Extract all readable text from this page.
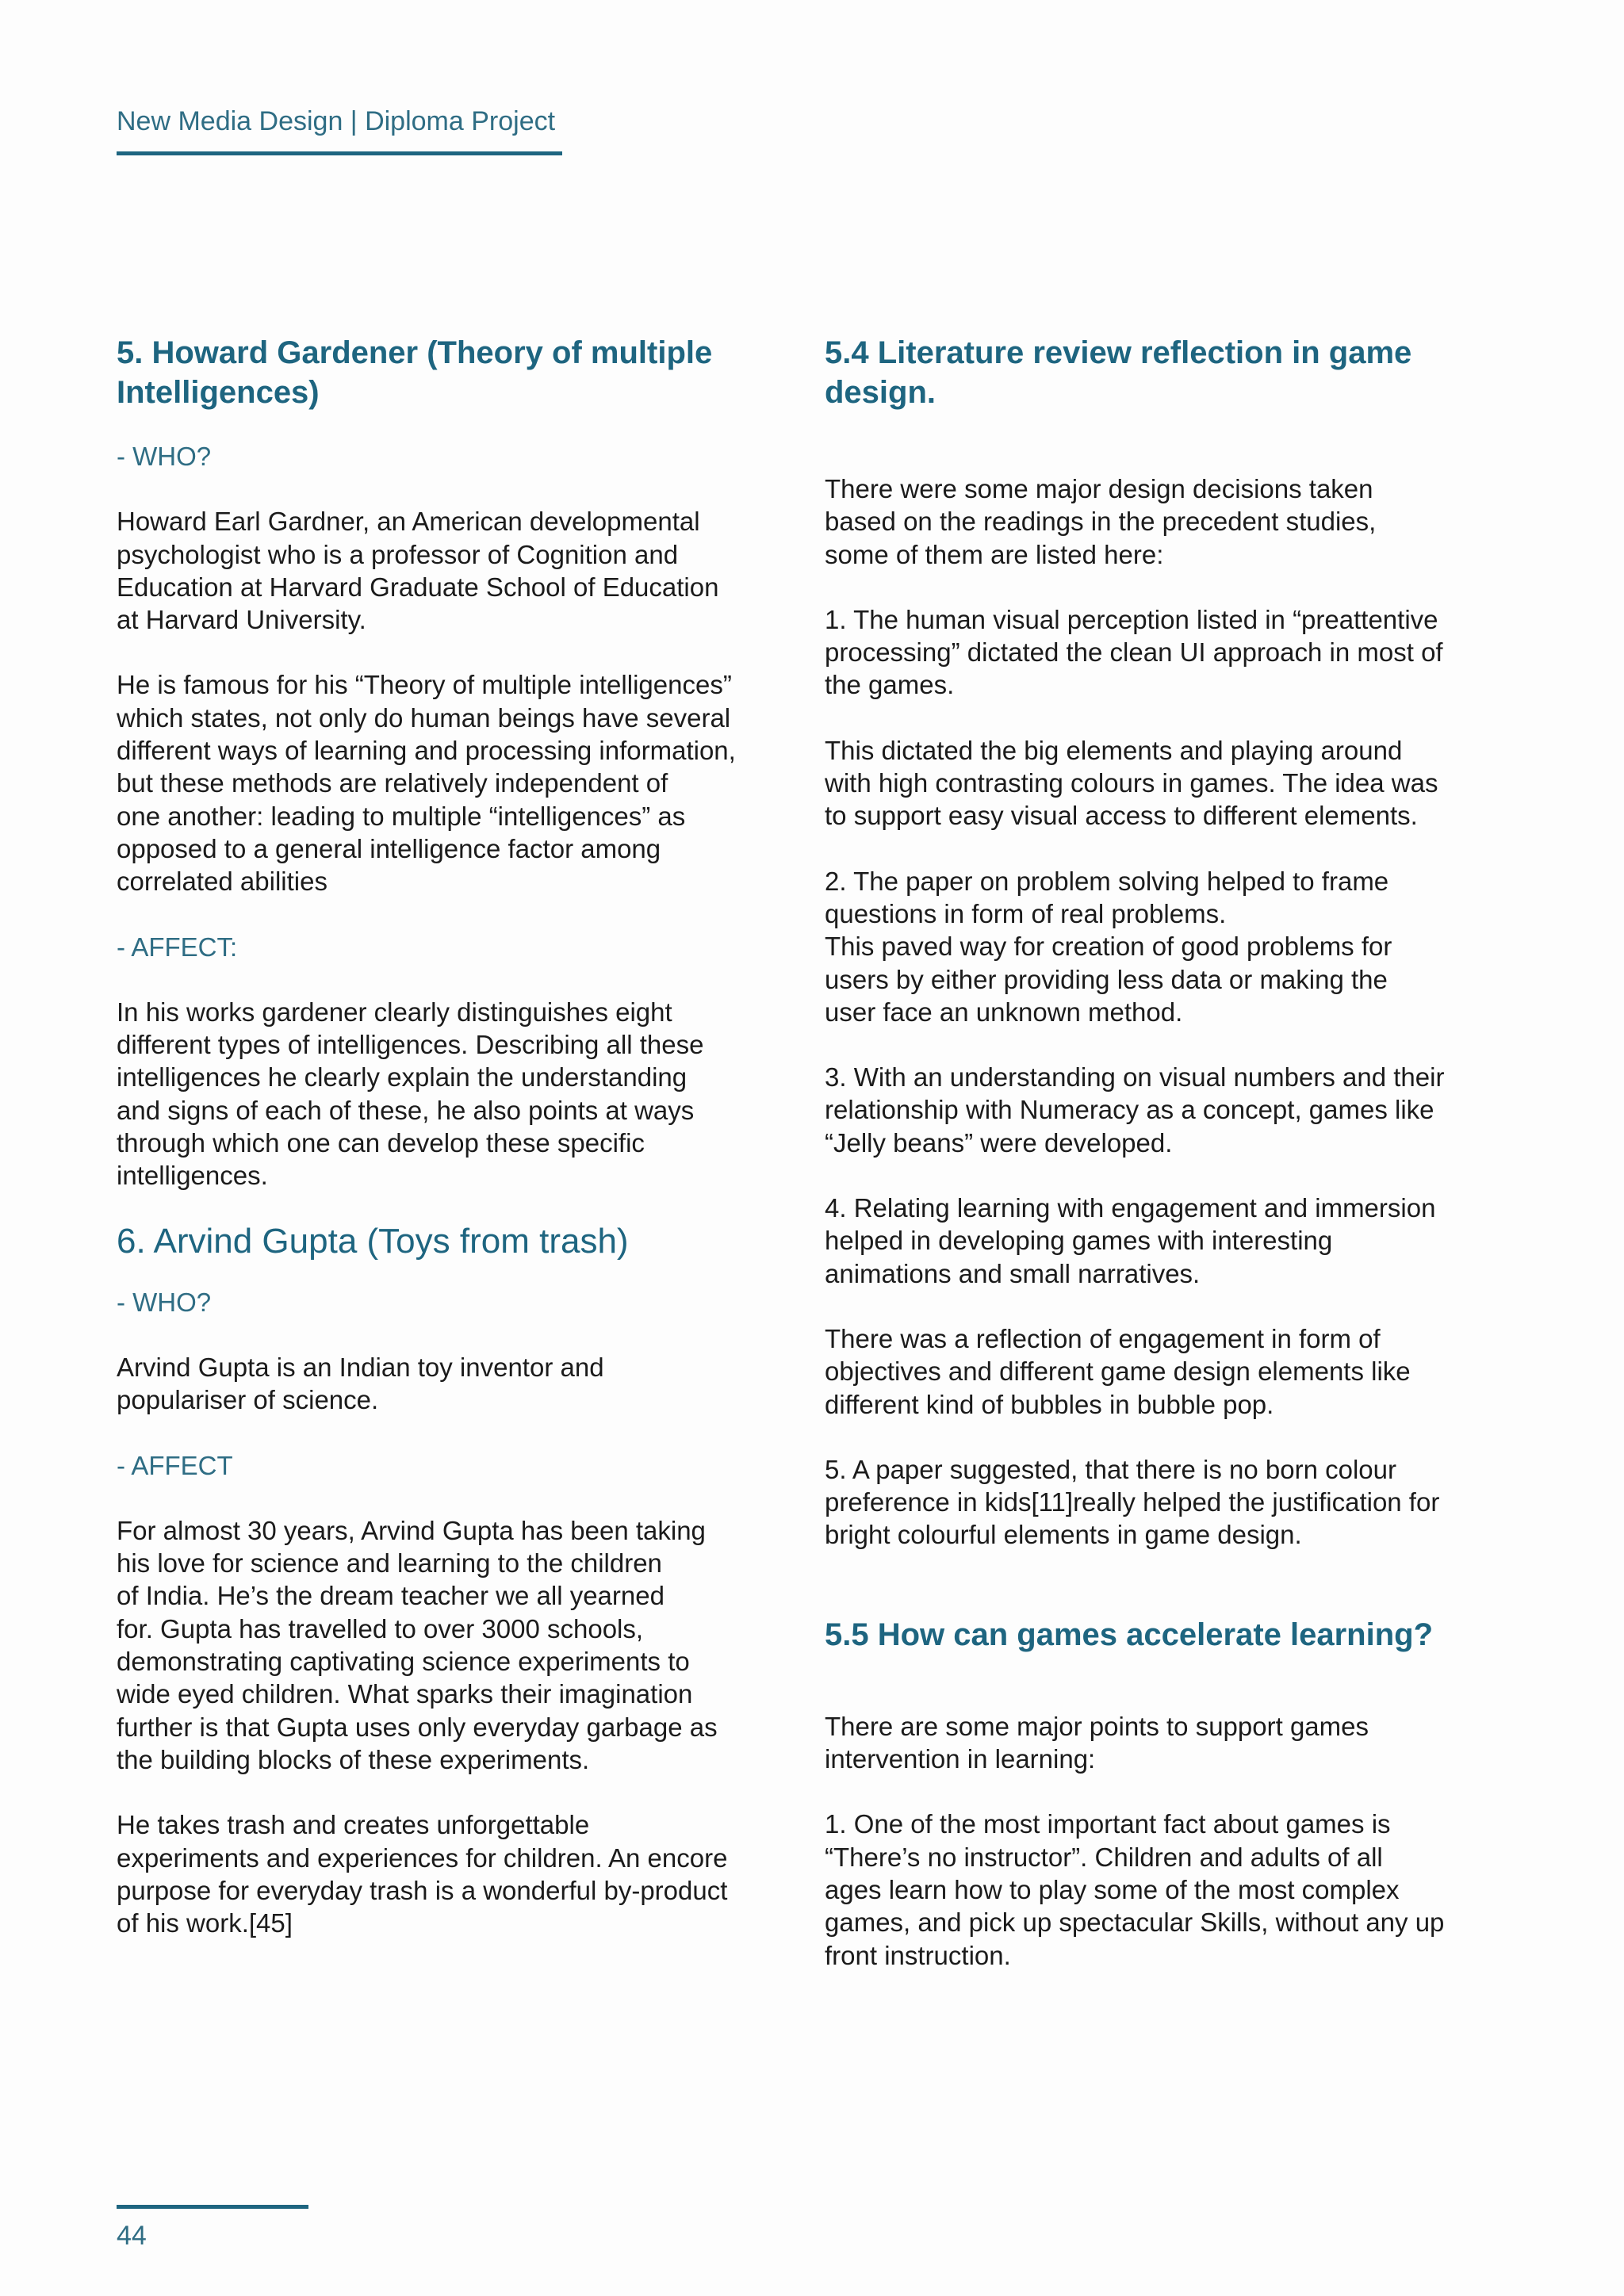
New Media Design | Diploma Project
5. Howard Gardener (Theory of multiple
Intelligences)

- WHO?

Howard Earl Gardner, an American developmental
psychologist who is a professor of Cognition and
Education at Harvard Graduate School of Education
at Harvard University.

He is famous for his “Theory of multiple intelligences”
which states, not only do human beings have several
different ways of learning and processing information,
but these methods are relatively independent of
one another: leading to multiple “intelligences” as
opposed to a general intelligence factor among
correlated abilities

- AFFECT:

In his works gardener clearly distinguishes eight
different types of intelligences. Describing all these
intelligences he clearly explain the understanding
and signs of each of these, he also points at ways
through which one can develop these specific
intelligences.

6. Arvind Gupta (Toys from trash)

- WHO?

Arvind Gupta is an Indian toy inventor and
populariser of science.

- AFFECT

For almost 30 years, Arvind Gupta has been taking
his love for science and learning to the children
of India. He’s the dream teacher we all yearned
for. Gupta has travelled to over 3000 schools,
demonstrating captivating science experiments to
wide eyed children. What sparks their imagination
further is that Gupta uses only everyday garbage as
the building blocks of these experiments.

He takes trash and creates unforgettable
experiments and experiences for children. An encore
purpose for everyday trash is a wonderful by-product
of his work.[45]

5.4 Literature review reflection in game
design.

There were some major design decisions taken
based on the readings in the precedent studies,
some of them are listed here:

1. The human visual perception listed in “preattentive
processing” dictated the clean UI approach in most of
the games.

This dictated the big elements and playing around
with high contrasting colours in games. The idea was
to support easy visual access to different elements.

2. The paper on problem solving helped to frame
questions in form of real problems.
This paved way for creation of good problems for
users by either providing less data or making the
user face an unknown method.

3. With an understanding on visual numbers and their
relationship with Numeracy as a concept, games like
“Jelly beans” were developed.

4. Relating learning with engagement and immersion
helped in developing games with interesting
animations and small narratives.

There was a reflection of engagement in form of
objectives and different game design elements like
different kind of bubbles in bubble pop.

5. A paper suggested, that there is no born colour
preference in kids[11]really helped the justification for
bright colourful elements in game design.

5.5 How can games accelerate learning?

There are some major points to support games
intervention in learning:

1. One of the most important fact about games is
“There’s no instructor”. Children and adults of all
ages learn how to play some of the most complex
games, and pick up spectacular Skills, without any up
front instruction.

44
